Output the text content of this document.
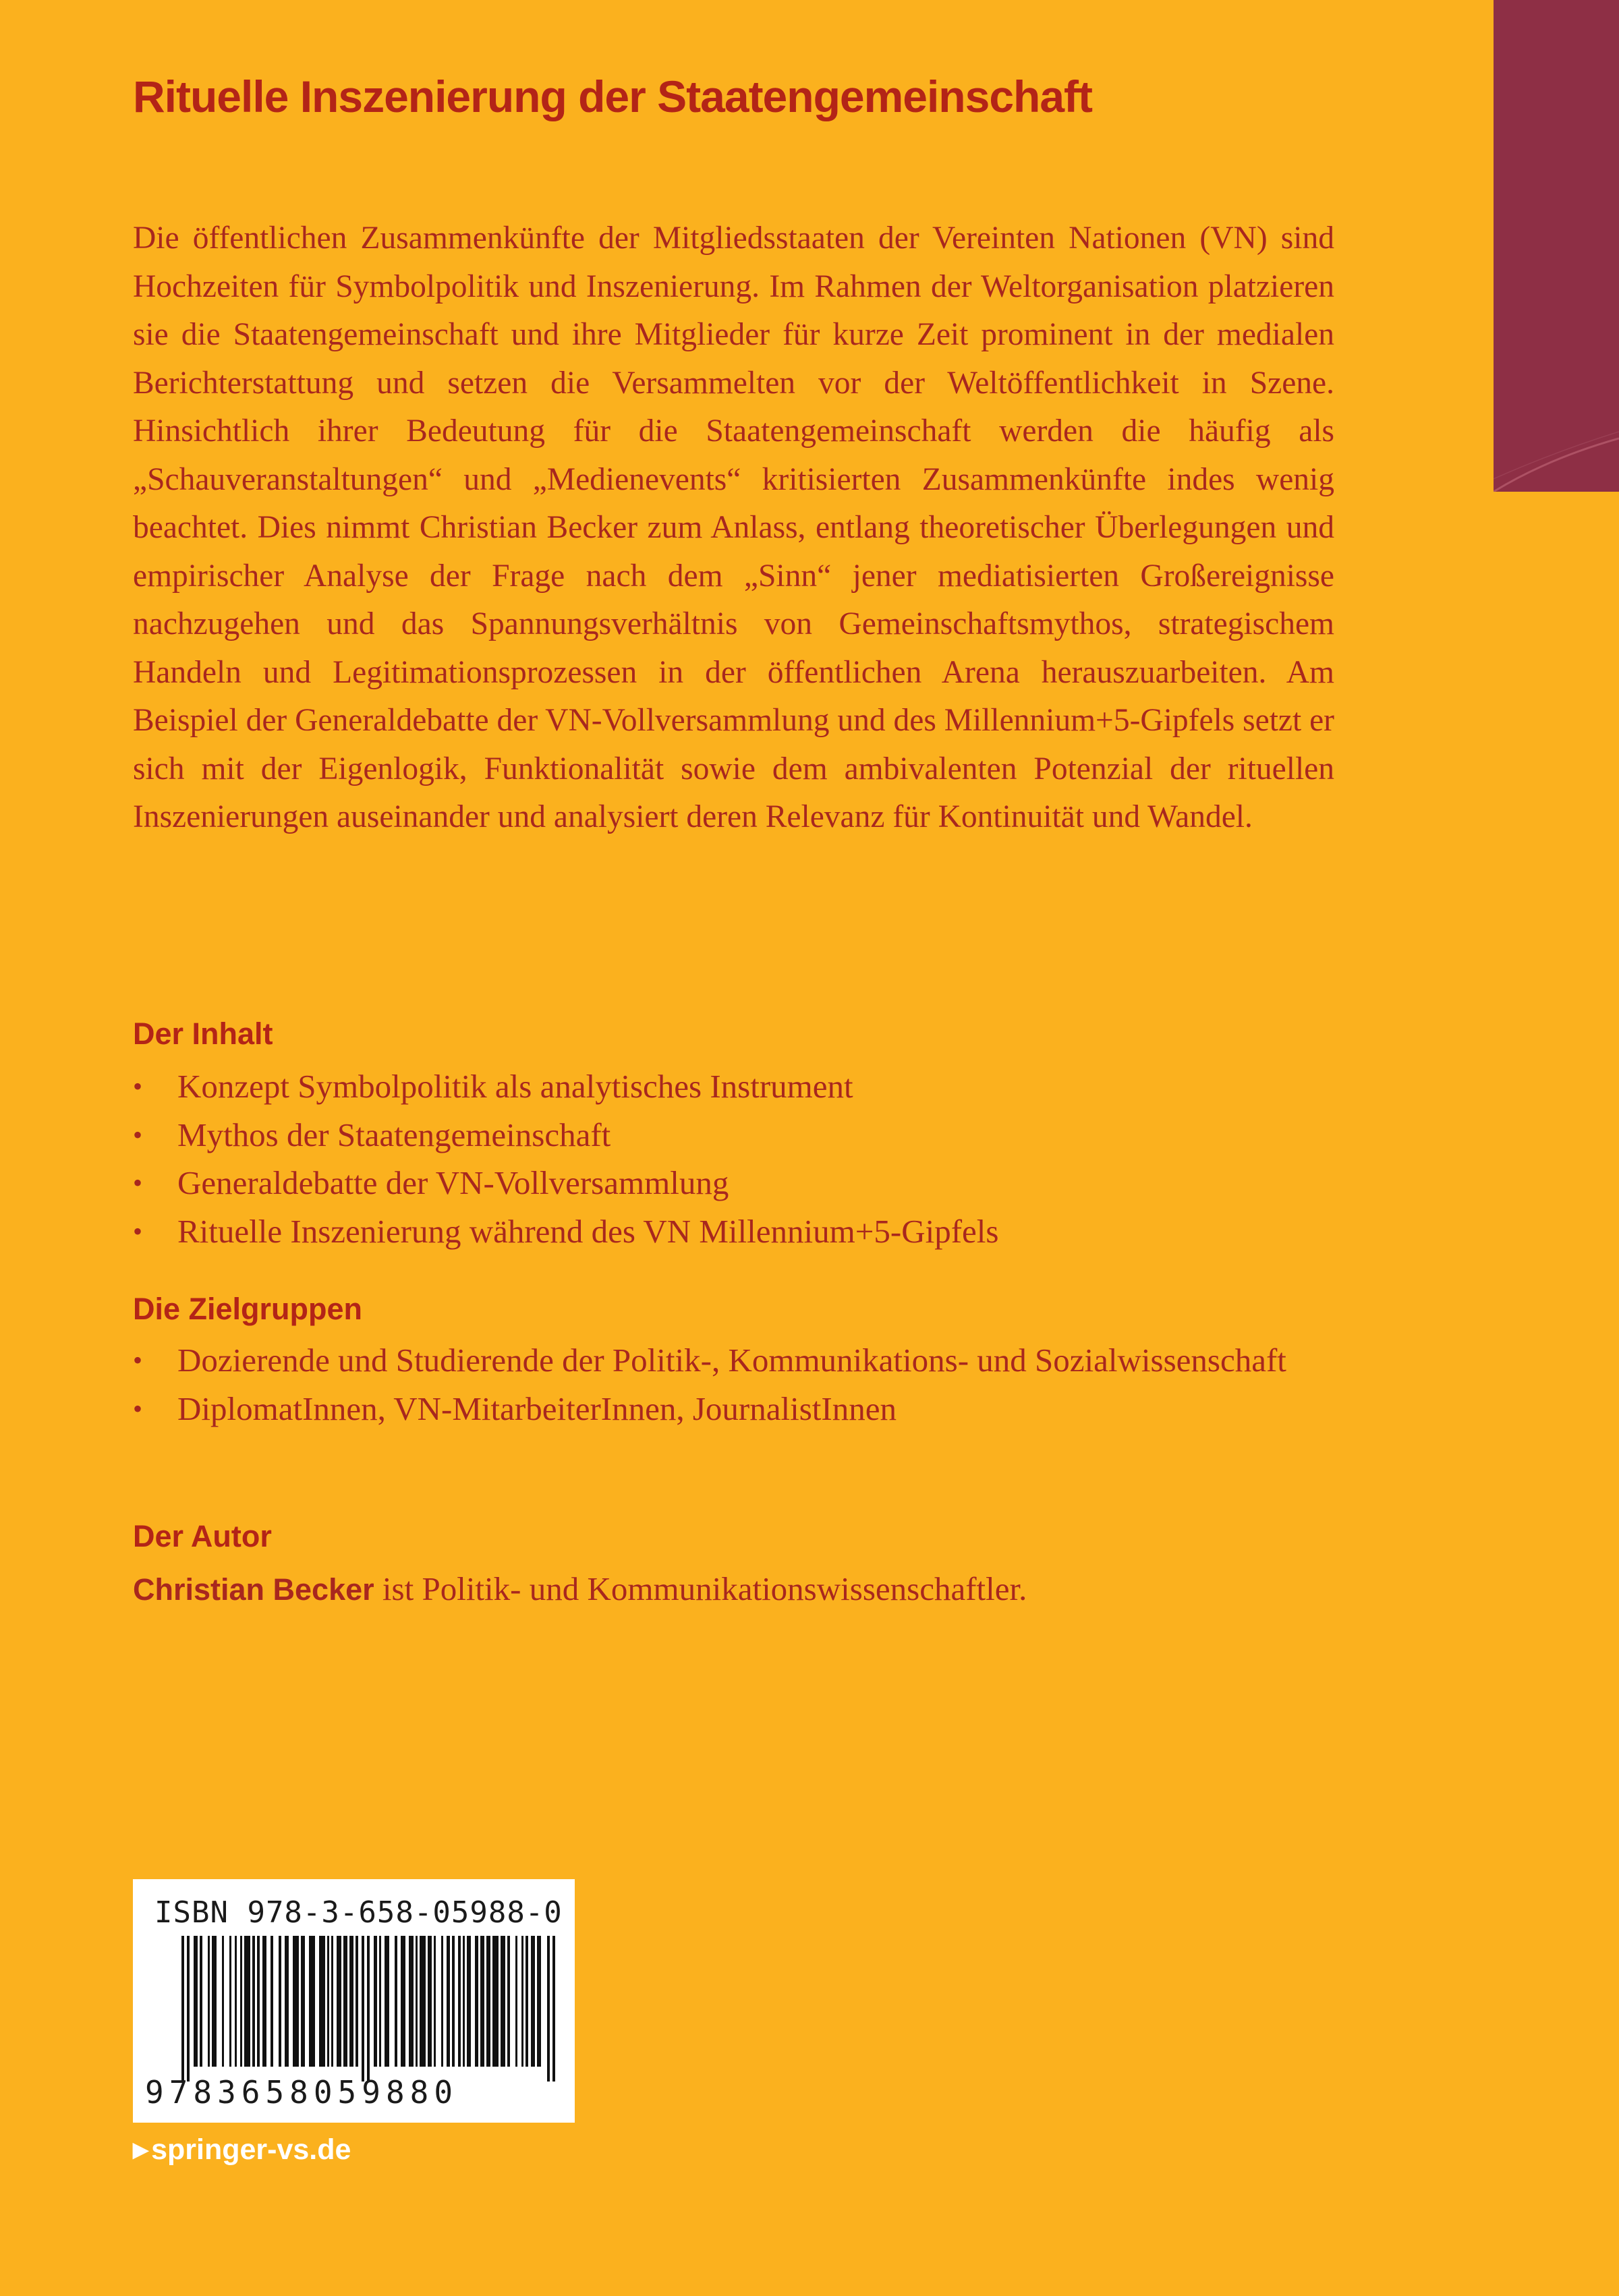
Rituelle Inszenierung der Staatengemeinschaft

Die öffentlichen Zusammenkünfte der Mitgliedsstaaten der Vereinten Nationen (VN) sind Hochzeiten für Symbolpolitik und Inszenierung. Im Rahmen der Weltorganisation platzieren sie die Staatengemeinschaft und ihre Mitglieder für kurze Zeit prominent in der medialen Berichterstattung und setzen die Versammelten vor der Weltöffentlichkeit in Szene. Hinsichtlich ihrer Bedeutung für die Staatengemeinschaft werden die häufig als „Schauveranstaltungen“ und „Medienevents“ kritisierten Zusammenkünfte indes wenig beachtet. Dies nimmt Christian Becker zum Anlass, entlang theoretischer Überlegungen und empirischer Analyse der Frage nach dem „Sinn“ jener mediatisierten Großereignisse nachzugehen und das Spannungsverhältnis von Gemeinschaftsmythos, strategischem Handeln und Legitimationsprozessen in der öffentlichen Arena herauszuarbeiten. Am Beispiel der Generaldebatte der VN-Vollversammlung und des Millennium+5-Gipfels setzt er sich mit der Eigenlogik, Funktionalität sowie dem ambivalenten Potenzial der rituellen Inszenierungen auseinander und analysiert deren Relevanz für Kontinuität und Wandel.

Der Inhalt
• Konzept Symbolpolitik als analytisches Instrument
• Mythos der Staatengemeinschaft
• Generaldebatte der VN-Vollversammlung
• Rituelle Inszenierung während des VN Millennium+5-Gipfels
Die Zielgruppen
• Dozierende und Studierende der Politik-, Kommunikations- und Sozialwissenschaft
• DiplomatInnen, VN-MitarbeiterInnen, JournalistInnen
Der Autor
Christian Becker ist Politik- und Kommunikationswissenschaftler.
ISBN 978-3-658-05988-0
9783658059880
▶springer-vs.de
